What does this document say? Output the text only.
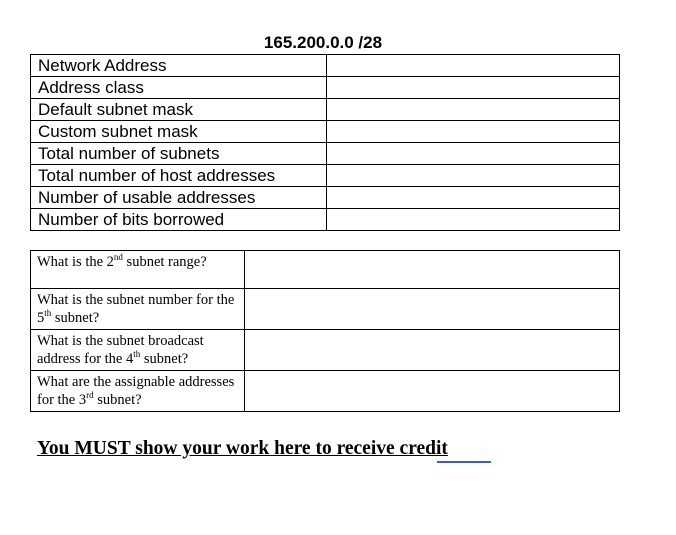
165.200.0.0 /28
Network Address	
Address class	
Default subnet mask	
Custom subnet mask	
Total number of subnets	
Total number of host addresses	
Number of usable addresses	
Number of bits borrowed	
What is the 2nd subnet range?	
What is the subnet number for the 5th subnet?	
What is the subnet broadcast address for the 4th subnet?	
What are the assignable addresses for the 3rd subnet?	
You MUST show your work here to receive credit
